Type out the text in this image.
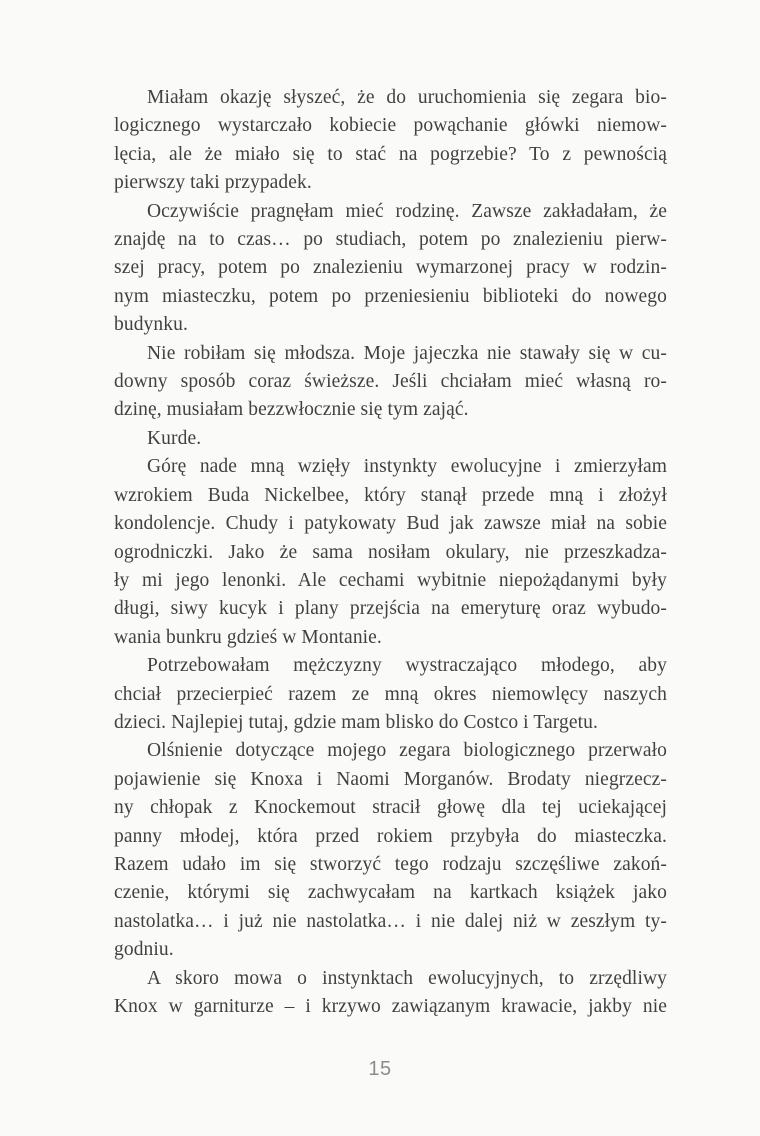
Miałam okazję słyszeć, że do uruchomienia się zegara bio-
logicznego wystarczało kobiecie powąchanie główki niemow-
lęcia, ale że miało się to stać na pogrzebie? To z pewnością
pierwszy taki przypadek.
Oczywiście pragnęłam mieć rodzinę. Zawsze zakładałam, że
znajdę na to czas… po studiach, potem po znalezieniu pierw-
szej pracy, potem po znalezieniu wymarzonej pracy w rodzin-
nym miasteczku, potem po przeniesieniu biblioteki do nowego
budynku.
Nie robiłam się młodsza. Moje jajeczka nie stawały się w cu-
downy sposób coraz świeższe. Jeśli chciałam mieć własną ro-
dzinę, musiałam bezzwłocznie się tym zająć.
Kurde.
Górę nade mną wzięły instynkty ewolucyjne i zmierzyłam
wzrokiem Buda Nickelbee, który stanął przede mną i złożył
kondolencje. Chudy i patykowaty Bud jak zawsze miał na sobie
ogrodniczki. Jako że sama nosiłam okulary, nie przeszkadza-
ły mi jego lenonki. Ale cechami wybitnie niepożądanymi były
długi, siwy kucyk i plany przejścia na emeryturę oraz wybudo-
wania bunkru gdzieś w Montanie.
Potrzebowałam mężczyzny wystraczająco młodego, aby
chciał przecierpieć razem ze mną okres niemowlęcy naszych
dzieci. Najlepiej tutaj, gdzie mam blisko do Costco i Targetu.
Olśnienie dotyczące mojego zegara biologicznego przerwało
pojawienie się Knoxa i Naomi Morganów. Brodaty niegrzecz-
ny chłopak z Knockemout stracił głowę dla tej uciekającej
panny młodej, która przed rokiem przybyła do miasteczka.
Razem udało im się stworzyć tego rodzaju szczęśliwe zakoń-
czenie, którymi się zachwycałam na kartkach książek jako
nastolatka… i już nie nastolatka… i nie dalej niż w zeszłym ty-
godniu.
A skoro mowa o instynktach ewolucyjnych, to zrzędliwy
Knox w garniturze – i krzywo zawiązanym krawacie, jakby nie
15
